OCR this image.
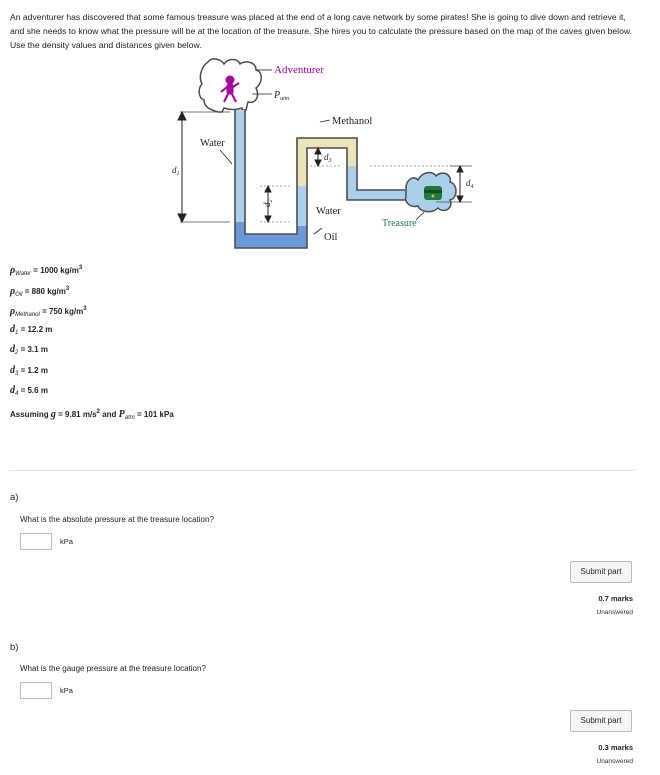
An adventurer has discovered that some famous treasure was placed at the end of a long cave network by some pirates! She is going to dive down and retrieve it, and she needs to know what the pressure will be at the location of the treasure. She hires you to calculate the pressure based on the map of the caves given below. Use the density values and distances given below.
Adventurer
$P_{atm}$
Methanol
Water
Water
Oil
Treasure
$d_1$
$d_2$
$d_3$
$d_4$
$\rho_{Water} = 1000$ $kg/m^3$
$\rho_{Oil} = 880$ $kg/m^3$
$\rho_{Methanol} = 750$ $kg/m^3$
$d_1 = 12.2$ m
$d_2 = 3.1$ m
$d_3 = 1.2$ m
$d_4 = 5.6$ m
Assuming g = 9.81 $m/s^2$ and $P_{atm} = 101$ kPa
a)
What is the absolute pressure at the treasure location?
kPa
Submit part
0.7 marks
Unanswered
b)
What is the gauge pressure at the treasure location?
kPa
Submit part
0.3 marks
Unanswered
